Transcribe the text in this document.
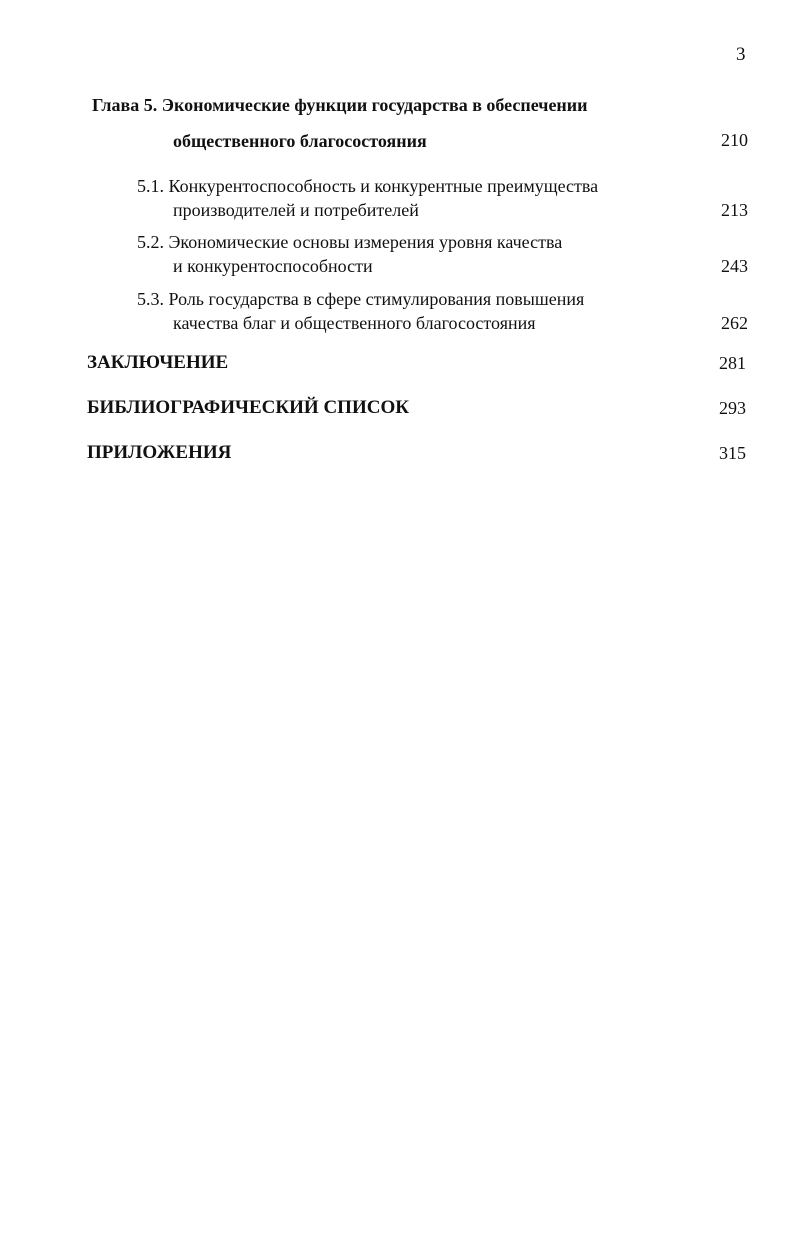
3
Глава 5. Экономические функции государства в обеспечении
общественного благосостояния	210
5.1. Конкурентоспособность и конкурентные преимущества
производителей и потребителей	213
5.2. Экономические основы измерения уровня качества
и конкурентоспособности	243
5.3. Роль государства в сфере стимулирования повышения
качества благ и общественного благосостояния	262
ЗАКЛЮЧЕНИЕ	281
БИБЛИОГРАФИЧЕСКИЙ СПИСОК	293
ПРИЛОЖЕНИЯ	315
